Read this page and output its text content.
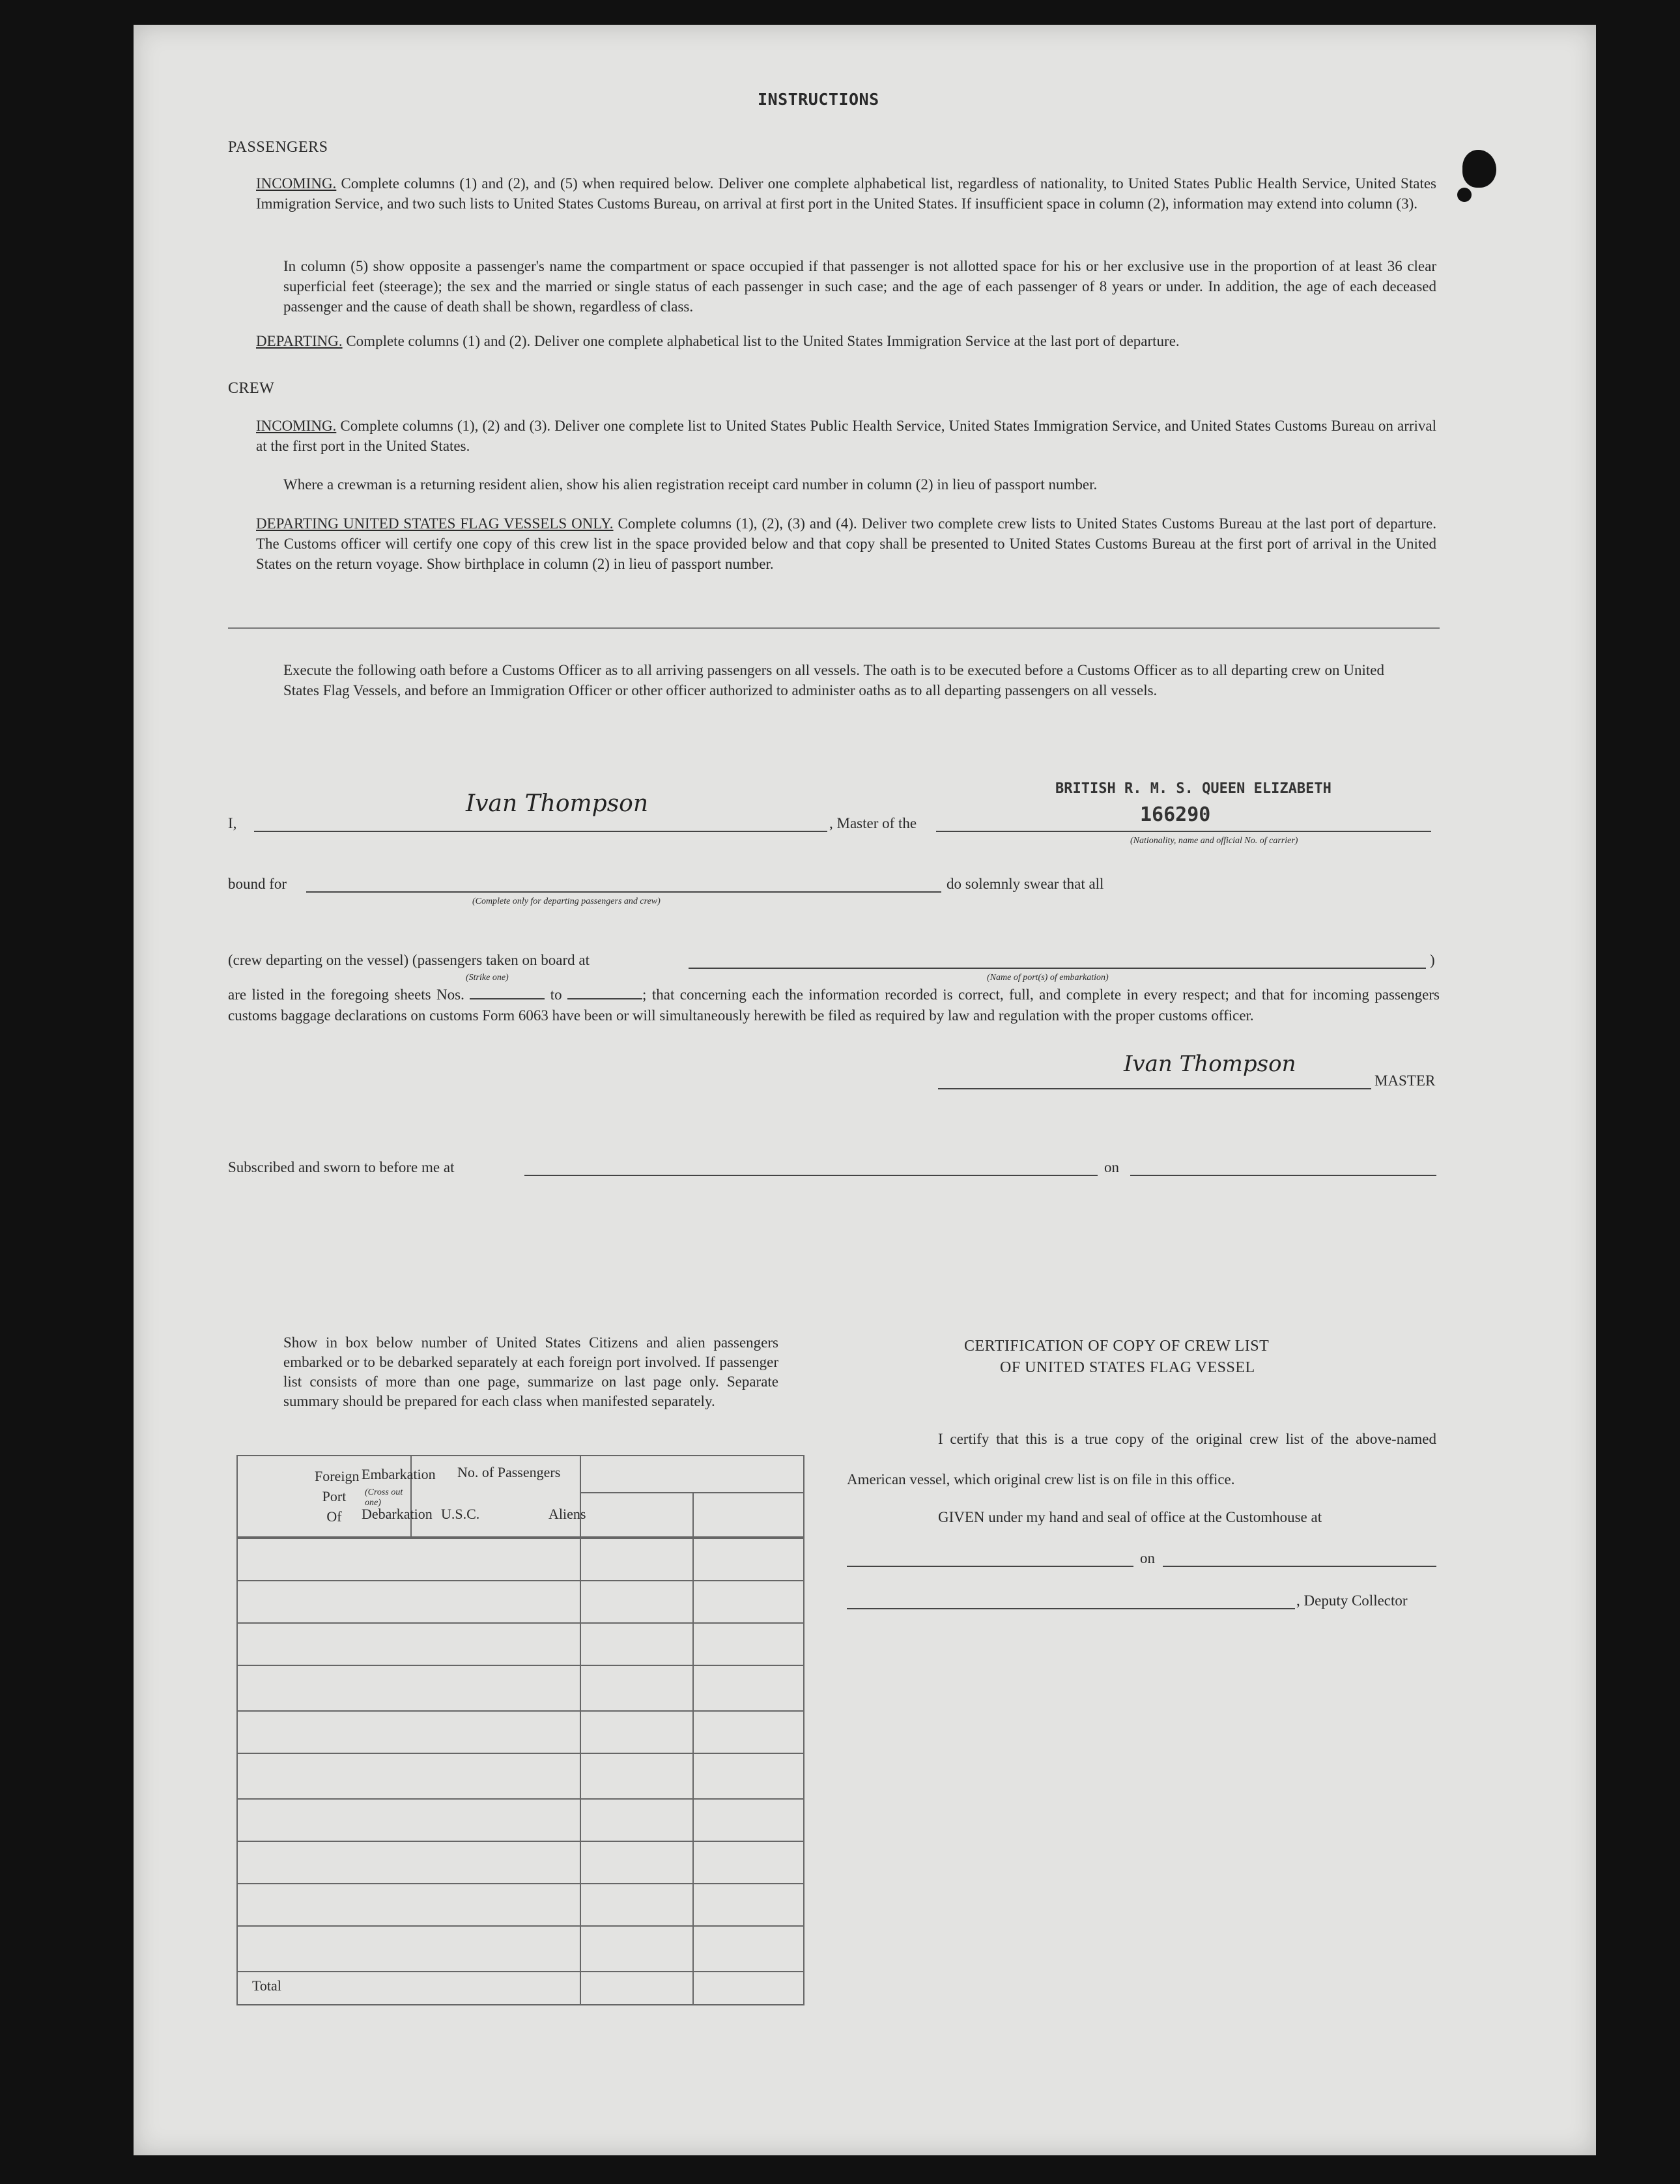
INSTRUCTIONS
PASSENGERS
INCOMING. Complete columns (1) and (2), and (5) when required below. Deliver one complete alphabetical list, regardless of nationality, to United States Public Health Service, United States Immigration Service, and two such lists to United States Customs Bureau, on arrival at first port in the United States. If insufficient space in column (2), information may extend into column (3).
In column (5) show opposite a passenger's name the compartment or space occupied if that passenger is not allotted space for his or her exclusive use in the proportion of at least 36 clear superficial feet (steerage); the sex and the married or single status of each passenger in such case; and the age of each passenger of 8 years or under. In addition, the age of each deceased passenger and the cause of death shall be shown, regardless of class.
DEPARTING. Complete columns (1) and (2). Deliver one complete alphabetical list to the United States Immigration Service at the last port of departure.
CREW
INCOMING. Complete columns (1), (2) and (3). Deliver one complete list to United States Public Health Service, United States Immigration Service, and United States Customs Bureau on arrival at the first port in the United States.
Where a crewman is a returning resident alien, show his alien registration receipt card number in column (2) in lieu of passport number.
DEPARTING UNITED STATES FLAG VESSELS ONLY. Complete columns (1), (2), (3) and (4). Deliver two complete crew lists to United States Customs Bureau at the last port of departure. The Customs officer will certify one copy of this crew list in the space provided below and that copy shall be presented to United States Customs Bureau at the first port of arrival in the United States on the return voyage. Show birthplace in column (2) in lieu of passport number.
Execute the following oath before a Customs Officer as to all arriving passengers on all vessels. The oath is to be executed before a Customs Officer as to all departing crew on United States Flag Vessels, and before an Immigration Officer or other officer authorized to administer oaths as to all departing passengers on all vessels.
I,
Ivan Thompson
, Master of the
BRITISH R. M. S. QUEEN ELIZABETH
166290
(Nationality, name and official No. of carrier)
bound for
(Complete only for departing passengers and crew)
do solemnly swear that all
(crew departing on the vessel) (passengers taken on board at	)
(Strike one)	(Name of port(s) of embarkation)
are listed in the foregoing sheets Nos.	to	; that concerning each the information recorded is correct, full, and complete in every respect; and that for incoming passengers customs baggage declarations on customs Form 6063 have been or will simultaneously herewith be filed as required by law and regulation with the proper customs officer.
Ivan Thompson
MASTER
Subscribed and sworn to before me at	on
Show in box below number of United States Citizens and alien passengers embarked or to be debarked separately at each foreign port involved. If passenger list consists of more than one page, summarize on last page only. Separate summary should be prepared for each class when manifested separately.
Foreign Port Of
Embarkation
(Cross out one)
Debarkation

No. of Passengers
U.S.C.	Aliens
Total
CERTIFICATION OF COPY OF CREW LIST
OF UNITED STATES FLAG VESSEL
I certify that this is a true copy of the original crew list of the above-named American vessel, which original crew list is on file in this office.
GIVEN under my hand and seal of office at the Customhouse at
on
, Deputy Collector
